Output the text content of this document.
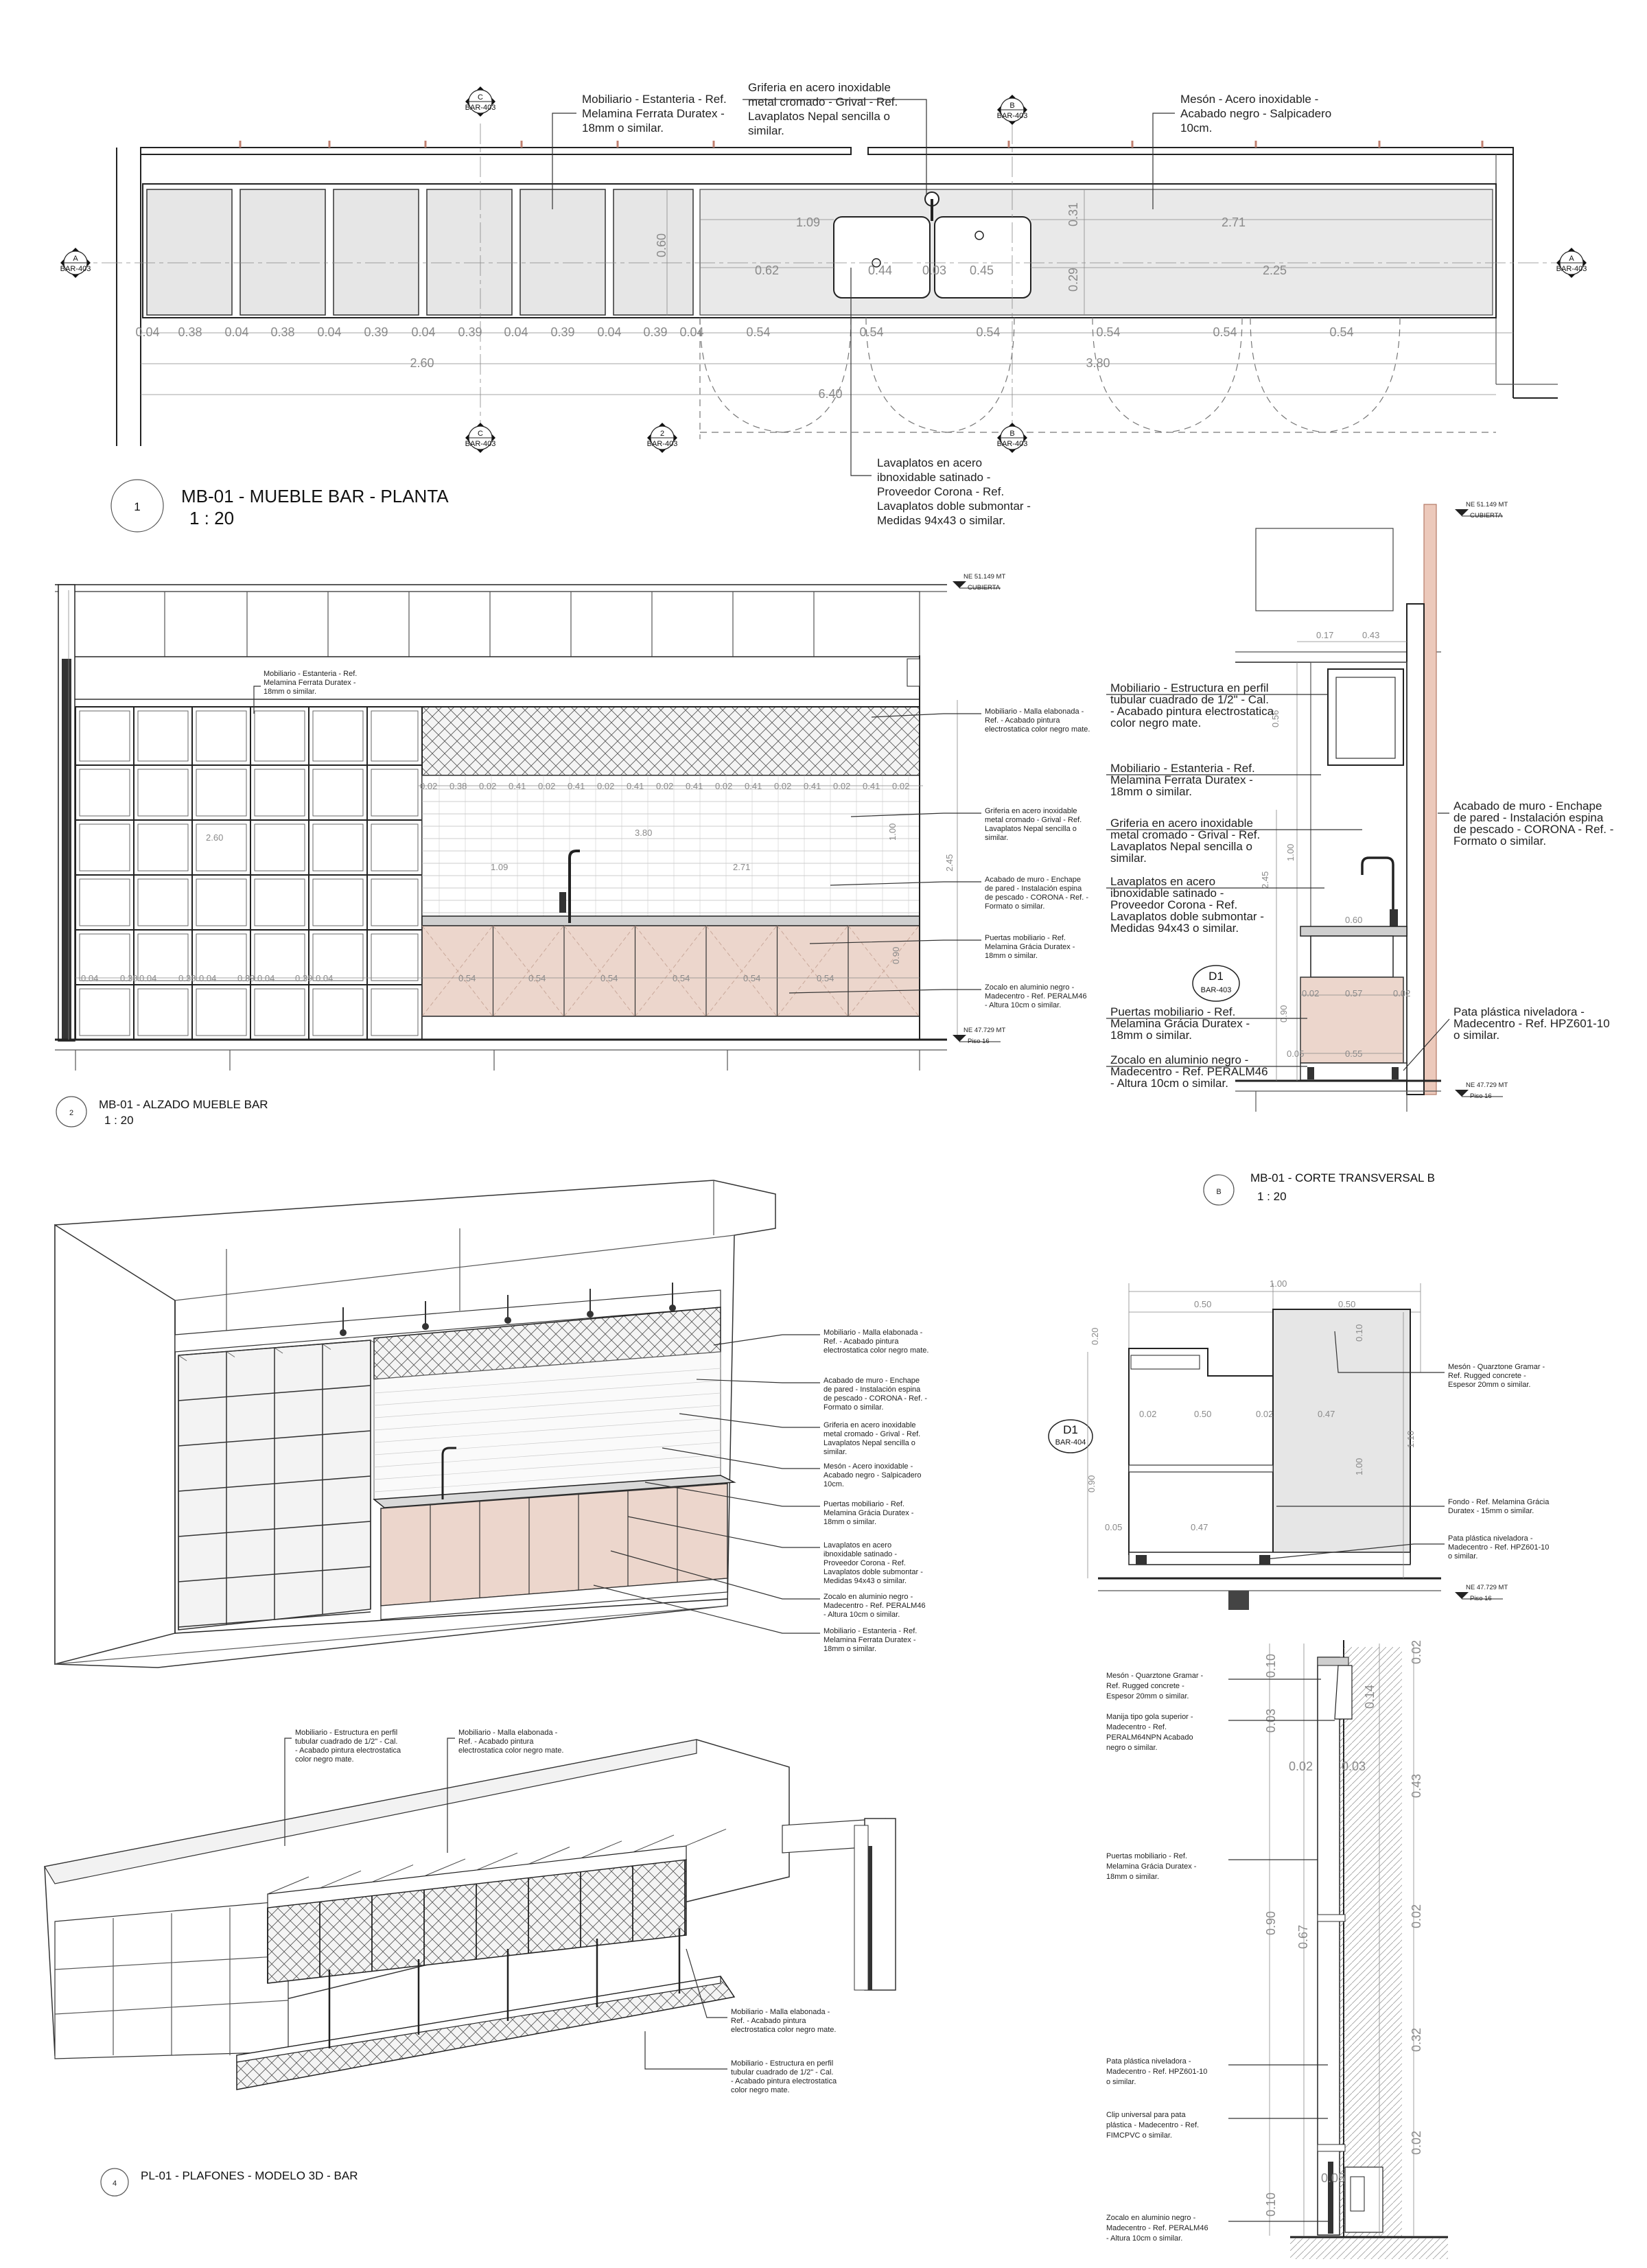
C
BAR-403	B
BAR-403
C
BAR-403
2
BAR-403
B
BAR-403
A
BAR-403
A
BAR-403
0.04 0.38 0.04 0.38 0.04 0.39 0.04 0.39 0.04 0.39 0.04 0.39 0.04	0.54	0.54	0.54	0.54	0.54	0.54
2.60	3.80
6.40
1.09
0.62	0.44 0.03 0.45
0.31
0.29
2.71
2.25
0.60
Mobiliario - Estanteria - Ref.
Melamina Ferrata Duratex -
18mm o similar.
Griferia en acero inoxidable
metal cromado - Grival - Ref.
Lavaplatos Nepal sencilla o
similar.
Mesón - Acero inoxidable -
Acabado negro - Salpicadero
10cm.
Lavaplatos en acero
ibnoxidable satinado -
Proveedor Corona - Ref.
Lavaplatos doble submontar -
Medidas 94x43 o similar.
1
MB-01 - MUEBLE BAR - PLANTA
1 : 20
0.02 0.38 0.02 0.41 0.02 0.41 0.02 0.41 0.02 0.41 0.02 0.41 0.02 0.41 0.02 0.41 0.02
0.04 0.38 0.04 0.38 0.04 0.39 0.04 0.39 0.04	0.54	0.54	0.54	0.54	0.54	0.54
3.80
1.09	2.71
2.60
2.45
1.00
0.90
NE 51.149 MT
CUBIERTA
NE 47.729 MT
Piso 16
Mobiliario - Estanteria - Ref.
Melamina Ferrata Duratex -
18mm o similar.
Mobiliario - Malla elabonada -
Ref. - Acabado pintura
electrostatica color negro mate.
Griferia en acero inoxidable
metal cromado - Grival - Ref.
Lavaplatos Nepal sencilla o
similar.
Acabado de muro - Enchape
de pared - Instalación espina
de pescado - CORONA - Ref. -
Formato o similar.
Puertas mobiliario - Ref.
Melamina Grácia Duratex -
18mm o similar.
Zocalo en aluminio negro -
Madecentro - Ref. PERALM46
- Altura 10cm o similar.
2
MB-01 - ALZADO MUEBLE BAR
1 : 20
D1
BAR-403
0.17	0.43
0.56
1.00
2.45
0.60
0.90
0.02	0.57	0.02
0.05	0.55
NE 51.149 MT
CUBIERTA
NE 47.729 MT
Piso 16
Mobiliario - Estructura en perfil
tubular cuadrado de 1/2" - Cal.
- Acabado pintura electrostatica
color negro mate.
Mobiliario - Estanteria - Ref.
Melamina Ferrata Duratex -
18mm o similar.
Griferia en acero inoxidable
metal cromado - Grival - Ref.
Lavaplatos Nepal sencilla o
similar.
Lavaplatos en acero
ibnoxidable satinado -
Proveedor Corona - Ref.
Lavaplatos doble submontar -
Medidas 94x43 o similar.
Puertas mobiliario - Ref.
Melamina Grácia Duratex -
18mm o similar.
Zocalo en aluminio negro -
Madecentro - Ref. PERALM46
- Altura 10cm o similar.
Acabado de muro - Enchape
de pared - Instalación espina
de pescado - CORONA - Ref. -
Formato o similar.
Pata plástica niveladora -
Madecentro - Ref. HPZ601-10
o similar.
B
MB-01 - CORTE TRANSVERSAL B
1 : 20
Mobiliario - Malla elabonada -
Ref. - Acabado pintura
electrostatica color negro mate.
Acabado de muro - Enchape
de pared - Instalación espina
de pescado - CORONA - Ref. -
Formato o similar.
Griferia en acero inoxidable
metal cromado - Grival - Ref.
Lavaplatos Nepal sencilla o
similar.
Mesón - Acero inoxidable -
Acabado negro - Salpicadero
10cm.
Puertas mobiliario - Ref.
Melamina Grácia Duratex -
18mm o similar.
Lavaplatos en acero
ibnoxidable satinado -
Proveedor Corona - Ref.
Lavaplatos doble submontar -
Medidas 94x43 o similar.
Zocalo en aluminio negro -
Madecentro - Ref. PERALM46
- Altura 10cm o similar.
Mobiliario - Estanteria - Ref.
Melamina Ferrata Duratex -
18mm o similar.
D1
BAR-404
1.00
0.50	0.50
0.20	0.10
0.02	0.50	0.02	0.47
1.00
1.10
0.90
0.05	0.47
NE 47.729 MT
Piso 16
Mesón - Quarztone Gramar -
Ref. Rugged concrete -
Espesor 20mm o similar.
Fondo - Ref. Melamina Grácia
Duratex - 15mm o similar.
Pata plástica niveladora -
Madecentro - Ref. HPZ601-10
o similar.
Mobiliario - Estructura en perfil
tubular cuadrado de 1/2" - Cal.
- Acabado pintura electrostatica
color negro mate.
Mobiliario - Malla elabonada -
Ref. - Acabado pintura
electrostatica color negro mate.
Mobiliario - Malla elabonada -
Ref. - Acabado pintura
electrostatica color negro mate.
Mobiliario - Estructura en perfil
tubular cuadrado de 1/2" - Cal.
- Acabado pintura electrostatica
color negro mate.
4
PL-01 - PLAFONES - MODELO 3D - BAR
0.10
0.03
0.14
0.02 0.03
0.02
0.43
0.90
0.67
0.02
0.32
0.02
0.05
0.10
Mesón - Quarztone Gramar -
Ref. Rugged concrete -
Espesor 20mm o similar.
Manija tipo gola superior -
Madecentro - Ref.
PERALM64NPN Acabado
negro o similar.
Puertas mobiliario - Ref.
Melamina Grácia Duratex -
18mm o similar.
Pata plástica niveladora -
Madecentro - Ref. HPZ601-10
o similar.
Clip universal para pata
plástica - Madecentro - Ref.
FIMCPVC o similar.
Zocalo en aluminio negro -
Madecentro - Ref. PERALM46
- Altura 10cm o similar.
